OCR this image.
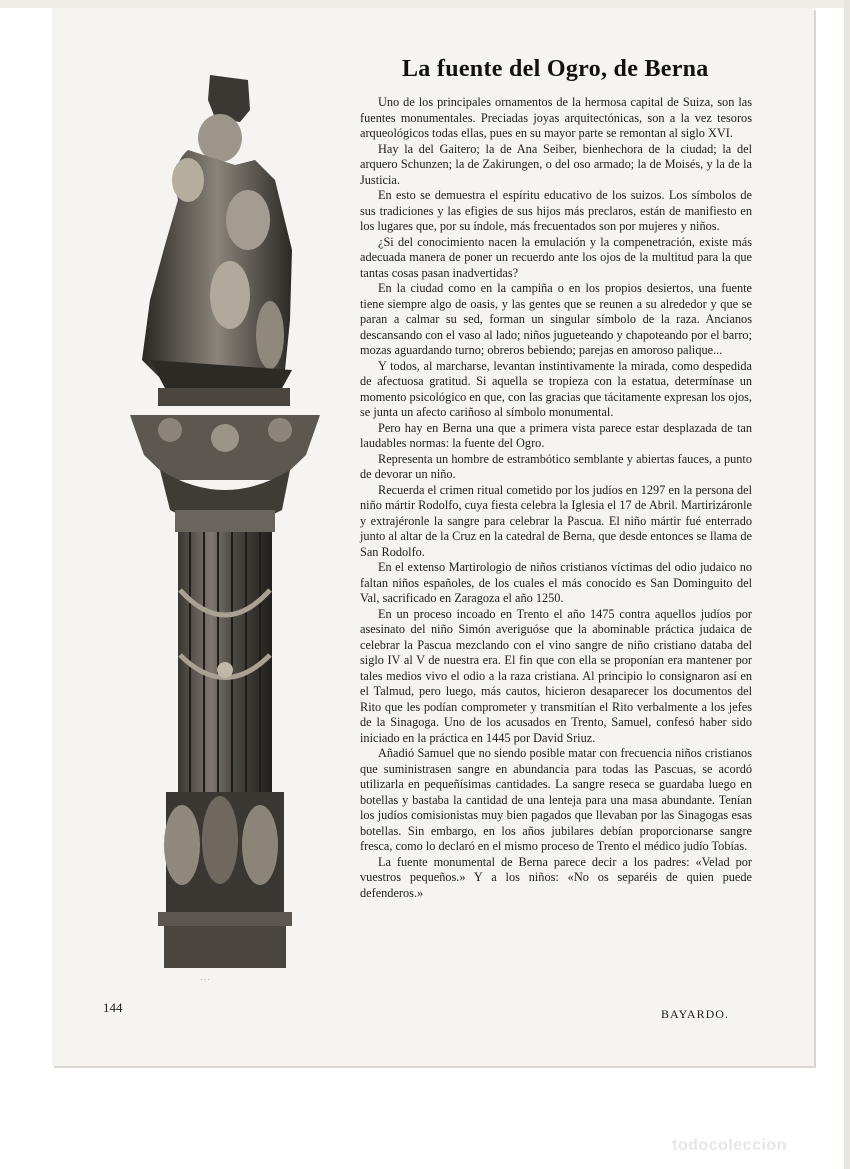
···
La fuente del Ogro, de Berna

Uno de los principales ornamentos de la hermosa capital de Suiza, son las fuentes monumentales. Preciadas joyas arquitectónicas, son a la vez tesoros arqueológicos todas ellas, pues en su mayor parte se remontan al siglo XVI.

Hay la del Gaitero; la de Ana Seiber, bienhechora de la ciudad; la del arquero Schunzen; la de Zakirungen, o del oso armado; la de Moisés, y la de la Justicia.

En esto se demuestra el espíritu educativo de los suizos. Los símbolos de sus tradiciones y las efigies de sus hijos más preclaros, están de manifiesto en los lugares que, por su índole, más frecuentados son por mujeres y niños.

¿Si del conocimiento nacen la emulación y la compenetración, existe más adecuada manera de poner un recuerdo ante los ojos de la multitud para la que tantas cosas pasan inadvertidas?

En la ciudad como en la campiña o en los propios desiertos, una fuente tiene siempre algo de oasis, y las gentes que se reunen a su alrededor y que se paran a calmar su sed, forman un singular símbolo de la raza. Ancianos descansando con el vaso al lado; niños jugueteando y chapoteando por el barro; mozas aguardando turno; obreros bebiendo; parejas en amoroso palique...

Y todos, al marcharse, levantan instintivamente la mirada, como despedida de afectuosa gratitud. Si aquella se tropieza con la estatua, determínase un momento psicológico en que, con las gracias que tácitamente expresan los ojos, se junta un afecto cariñoso al símbolo monumental.

Pero hay en Berna una que a primera vista parece estar desplazada de tan laudables normas: la fuente del Ogro.

Representa un hombre de estrambótico semblante y abiertas fauces, a punto de devorar un niño.

Recuerda el crimen ritual cometido por los judíos en 1297 en la persona del niño mártir Rodolfo, cuya fiesta celebra la Iglesia el 17 de Abril. Martirizáronle y extrajéronle la sangre para celebrar la Pascua. El niño mártir fué enterrado junto al altar de la Cruz en la catedral de Berna, que desde entonces se llama de San Rodolfo.

En el extenso Martirologio de niños cristianos víctimas del odio judaico no faltan niños españoles, de los cuales el más conocido es San Dominguito del Val, sacrificado en Zaragoza el año 1250.

En un proceso incoado en Trento el año 1475 contra aquellos judíos por asesinato del niño Simón averiguóse que la abominable práctica judaica de celebrar la Pascua mezclando con el vino sangre de niño cristiano databa del siglo IV al V de nuestra era. El fin que con ella se proponían era mantener por tales medios vivo el odio a la raza cristiana. Al principio lo consignaron así en el Talmud, pero luego, más cautos, hicieron desaparecer los documentos del Rito que les podían comprometer y transmitían el Rito verbalmente a los jefes de la Sinagoga. Uno de los acusados en Trento, Samuel, confesó haber sido iniciado en la práctica en 1445 por David Sriuz.

Añadió Samuel que no siendo posible matar con frecuencia niños cristianos que suministrasen sangre en abundancia para todas las Pascuas, se acordó utilizarla en pequeñísimas cantidades. La sangre reseca se guardaba luego en botellas y bastaba la cantidad de una lenteja para una masa abundante. Tenían los judíos comisionistas muy bien pagados que llevaban por las Sinagogas esas botellas. Sin embargo, en los años jubilares debían proporcionarse sangre fresca, como lo declaró en el mismo proceso de Trento el médico judío Tobías.

La fuente monumental de Berna parece decir a los padres: «Velad por vuestros pequeños.» Y a los niños: «No os separéis de quien puede defenderos.»

BAYARDO.
144
todocoleccion
